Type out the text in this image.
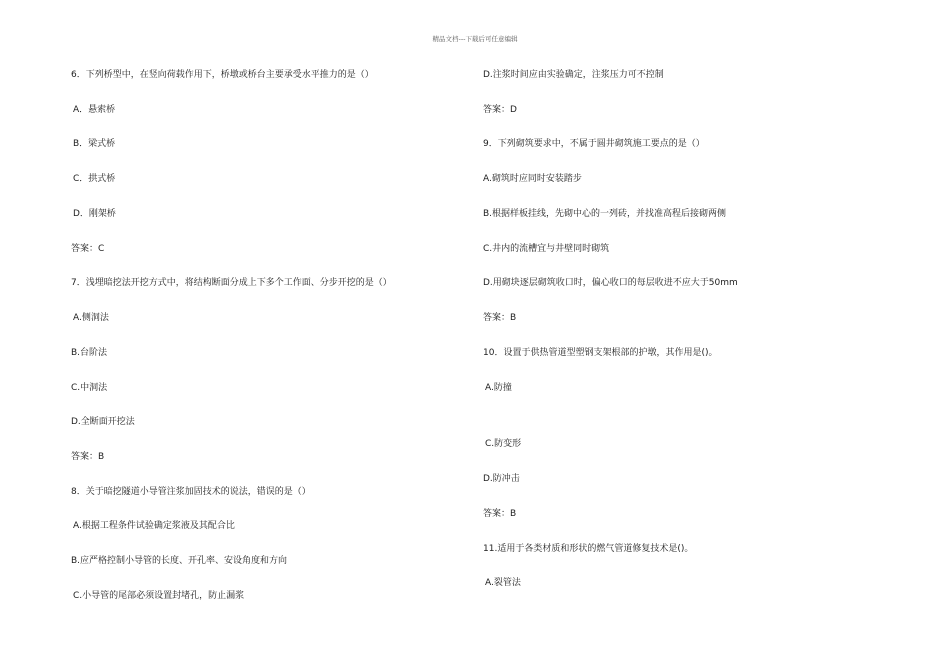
精品文档---下载后可任意编辑
6．下列桥型中，在竖向荷载作用下，桥墩或桥台主要承受水平推力的是（）
A．悬索桥
B．梁式桥
C．拱式桥
D．刚架桥
答案：C
7．浅埋暗挖法开挖方式中，将结构断面分成上下多个工作面、分步开挖的是（）
A.侧洞法
B.台阶法
C.中洞法
D.全断面开挖法
答案：B
8．关于暗挖隧道小导管注浆加固技术的说法，错误的是（）
A.根据工程条件试验确定浆液及其配合比
B.应严格控制小导管的长度、开孔率、安设角度和方向
C.小导管的尾部必须设置封堵孔，防止漏浆
D.注浆时间应由实验确定，注浆压力可不控制
答案：D
9．下列砌筑要求中，不属于圆井砌筑施工要点的是（）
A.砌筑时应同时安装踏步
B.根据样板挂线，先砌中心的一列砖，并找准高程后接砌两侧
C.井内的流槽宜与井壁同时砌筑
D.用砌块逐层砌筑收口时，偏心收口的每层收进不应大于50mm
答案：B
10．设置于供热管道型塑钢支架根部的护墩，其作用是()。
A.防撞
C.防变形
D.防冲击
答案：B
11.适用于各类材质和形状的燃气管道修复技术是()。
A.裂管法
